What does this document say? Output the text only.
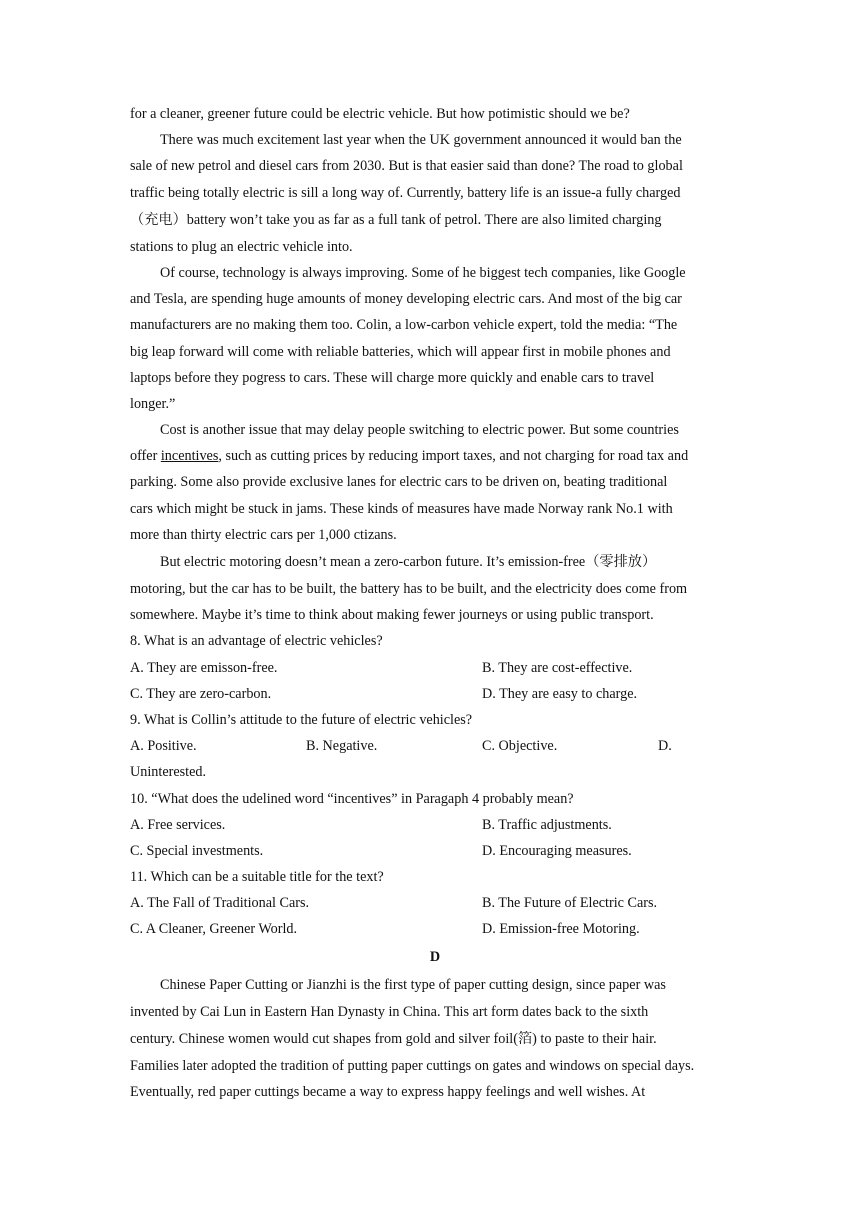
for a cleaner, greener future could be electric vehicle. But how potimistic should we be?
There was much excitement last year when the UK government announced it would ban the
sale of new petrol and diesel cars from 2030. But is that easier said than done? The road to global
traffic being totally electric is sill a long way of. Currently, battery life is an issue-a fully charged
（充电）battery won’t take you as far as a full tank of petrol. There are also limited charging
stations to plug an electric vehicle into.
Of course, technology is always improving. Some of he biggest tech companies, like Google
and Tesla, are spending huge amounts of money developing electric cars. And most of the big car
manufacturers are no making them too. Colin, a low-carbon vehicle expert, told the media: “The
big leap forward will come with reliable batteries, which will appear first in mobile phones and
laptops before they pogress to cars. These will charge more quickly and enable cars to travel
longer.”
Cost is another issue that may delay people switching to electric power. But some countries
offer incentives, such as cutting prices by reducing import taxes, and not charging for road tax and
parking. Some also provide exclusive lanes for electric cars to be driven on, beating traditional
cars which might be stuck in jams. These kinds of measures have made Norway rank No.1 with
more than thirty electric cars per 1,000 ctizans.
But electric motoring doesn’t mean a zero-carbon future. It’s emission-free（零排放）
motoring, but the car has to be built, the battery has to be built, and the electricity does come from
somewhere. Maybe it’s time to think about making fewer journeys or using public transport.
8. What is an advantage of electric vehicles?
A. They are emisson-free.	B. They are cost-effective.
C. They are zero-carbon.	D. They are easy to charge.
9. What is Collin’s attitude to the future of electric vehicles?
A. Positive.	B. Negative.	C. Objective.	D.
Uninterested.
10. “What does the udelined word “incentives” in Paragaph 4 probably mean?
A. Free services.	B. Traffic adjustments.
C. Special investments.	D. Encouraging measures.
11. Which can be a suitable title for the text?
A. The Fall of Traditional Cars.	B. The Future of Electric Cars.
C. A Cleaner, Greener World.	D. Emission-free Motoring.
D
Chinese Paper Cutting or Jianzhi is the first type of paper cutting design, since paper was
invented by Cai Lun in Eastern Han Dynasty in China. This art form dates back to the sixth
century. Chinese women would cut shapes from gold and silver foil(箔) to paste to their hair.
Families later adopted the tradition of putting paper cuttings on gates and windows on special days.
Eventually, red paper cuttings became a way to express happy feelings and well wishes. At
